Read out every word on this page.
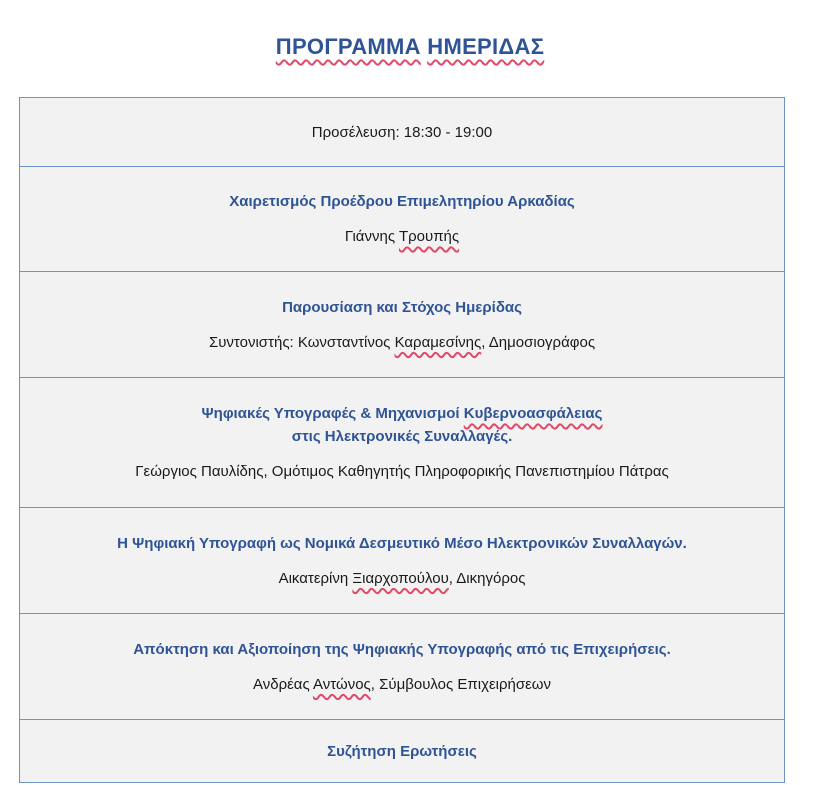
ΠΡΟΓΡΑΜΜΑ ΗΜΕΡΙΔΑΣ
Προσέλευση: 18:30 - 19:00
Χαιρετισμός Προέδρου Επιμελητηρίου Αρκαδίας
Γιάννης Τρουπής
Παρουσίαση και Στόχος Ημερίδας
Συντονιστής: Κωνσταντίνος Καραμεσίνης, Δημοσιογράφος
Ψηφιακές Υπογραφές & Μηχανισμοί Κυβερνοασφάλειας
στις Ηλεκτρονικές Συναλλαγές.
Γεώργιος Παυλίδης, Ομότιμος Καθηγητής Πληροφορικής Πανεπιστημίου Πάτρας
Η Ψηφιακή Υπογραφή ως Νομικά Δεσμευτικό Μέσο Ηλεκτρονικών Συναλλαγών.
Αικατερίνη Ξιαρχοπούλου, Δικηγόρος
Απόκτηση και Αξιοποίηση της Ψηφιακής Υπογραφής από τις Επιχειρήσεις.
Ανδρέας Αντώνος, Σύμβουλος Επιχειρήσεων
Συζήτηση Ερωτήσεις
